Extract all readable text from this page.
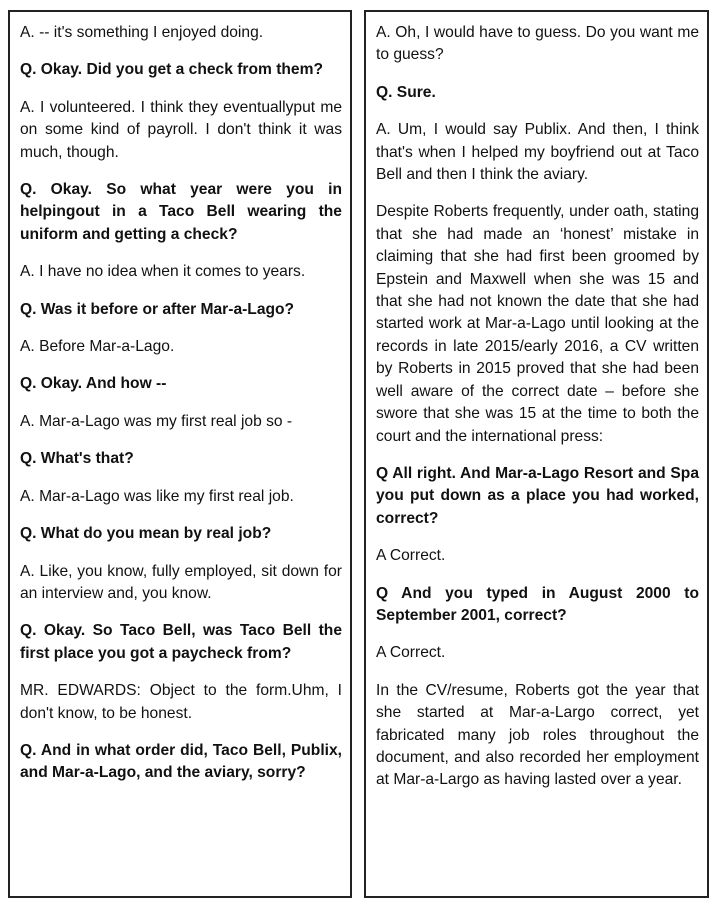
A. -- it's something I enjoyed doing.

Q. Okay. Did you get a check from them?

A. I volunteered. I think they eventuallyput me on some kind of payroll. I don't think it was much, though.

Q. Okay. So what year were you in helpingout in a Taco Bell wearing the uniform and getting a check?

A. I have no idea when it comes to years.

Q. Was it before or after Mar-a-Lago?

A. Before Mar-a-Lago.

Q. Okay. And how --

A. Mar-a-Lago was my first real job so -

Q. What's that?

A. Mar-a-Lago was like my first real job.

Q. What do you mean by real job?

A. Like, you know, fully employed, sit down for an interview and, you know.

Q. Okay. So Taco Bell, was Taco Bell the first place you got a paycheck from?

MR. EDWARDS: Object to the form.Uhm, I don't know, to be honest.

Q. And in what order did, Taco Bell, Publix, and Mar-a-Lago, and the aviary, sorry?

A. Oh, I would have to guess. Do you want me to guess?

Q. Sure.

A. Um, I would say Publix. And then, I think that's when I helped my boyfriend out at Taco Bell and then I think the aviary.

Despite Roberts frequently, under oath, stating that she had made an ‘honest’ mistake in claiming that she had first been groomed by Epstein and Maxwell when she was 15 and that she had not known the date that she had started work at Mar-a-Lago until looking at the records in late 2015/early 2016, a CV written by Roberts in 2015 proved that she had been well aware of the correct date – before she swore that she was 15 at the time to both the court and the international press:

Q All right. And Mar-a-Lago Resort and Spa you put down as a place you had worked, correct?

A Correct.

Q And you typed in August 2000 to September 2001, correct?

A Correct.

In the CV/resume, Roberts got the year that she started at Mar-a-Largo correct, yet fabricated many job roles throughout the document, and also recorded her employment at Mar-a-Largo as having lasted over a year.
